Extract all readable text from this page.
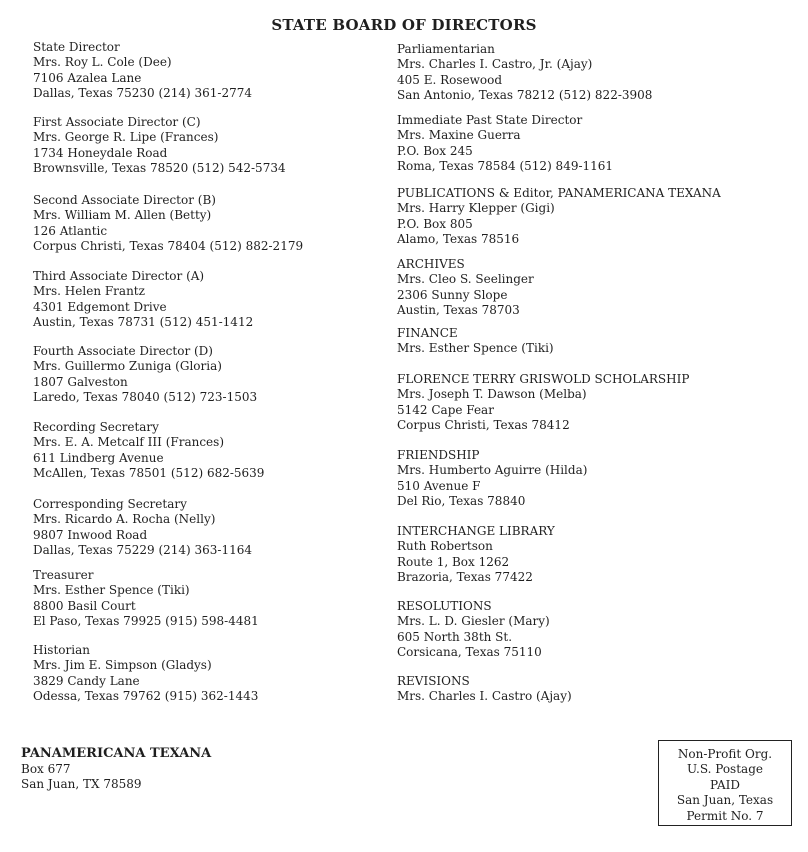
STATE BOARD OF DIRECTORS
State Director
Mrs. Roy L. Cole (Dee)
7106 Azalea Lane
Dallas, Texas 75230 (214) 361-2774
First Associate Director (C)
Mrs. George R. Lipe (Frances)
1734 Honeydale Road
Brownsville, Texas 78520 (512) 542-5734
Second Associate Director (B)
Mrs. William M. Allen (Betty)
126 Atlantic
Corpus Christi, Texas 78404 (512) 882-2179
Third Associate Director (A)
Mrs. Helen Frantz
4301 Edgemont Drive
Austin, Texas 78731 (512) 451-1412
Fourth Associate Director (D)
Mrs. Guillermo Zuniga (Gloria)
1807 Galveston
Laredo, Texas 78040 (512) 723-1503
Recording Secretary
Mrs. E. A. Metcalf III (Frances)
611 Lindberg Avenue
McAllen, Texas 78501 (512) 682-5639
Corresponding Secretary
Mrs. Ricardo A. Rocha (Nelly)
9807 Inwood Road
Dallas, Texas 75229 (214) 363-1164
Treasurer
Mrs. Esther Spence (Tiki)
8800 Basil Court
El Paso, Texas 79925 (915) 598-4481
Historian
Mrs. Jim E. Simpson (Gladys)
3829 Candy Lane
Odessa, Texas 79762 (915) 362-1443
Parliamentarian
Mrs. Charles I. Castro, Jr. (Ajay)
405 E. Rosewood
San Antonio, Texas 78212 (512) 822-3908
Immediate Past State Director
Mrs. Maxine Guerra
P.O. Box 245
Roma, Texas 78584 (512) 849-1161
PUBLICATIONS & Editor, PANAMERICANA TEXANA
Mrs. Harry Klepper (Gigi)
P.O. Box 805
Alamo, Texas 78516
ARCHIVES
Mrs. Cleo S. Seelinger
2306 Sunny Slope
Austin, Texas 78703
FINANCE
Mrs. Esther Spence (Tiki)
FLORENCE TERRY GRISWOLD SCHOLARSHIP
Mrs. Joseph T. Dawson (Melba)
5142 Cape Fear
Corpus Christi, Texas 78412
FRIENDSHIP
Mrs. Humberto Aguirre (Hilda)
510 Avenue F
Del Rio, Texas 78840
INTERCHANGE LIBRARY
Ruth Robertson
Route 1, Box 1262
Brazoria, Texas 77422
RESOLUTIONS
Mrs. L. D. Giesler (Mary)
605 North 38th St.
Corsicana, Texas 75110
REVISIONS
Mrs. Charles I. Castro (Ajay)
PANAMERICANA TEXANA
Box 677
San Juan, TX 78589
Non-Profit Org.
U.S. Postage
PAID
San Juan, Texas
Permit No. 7
